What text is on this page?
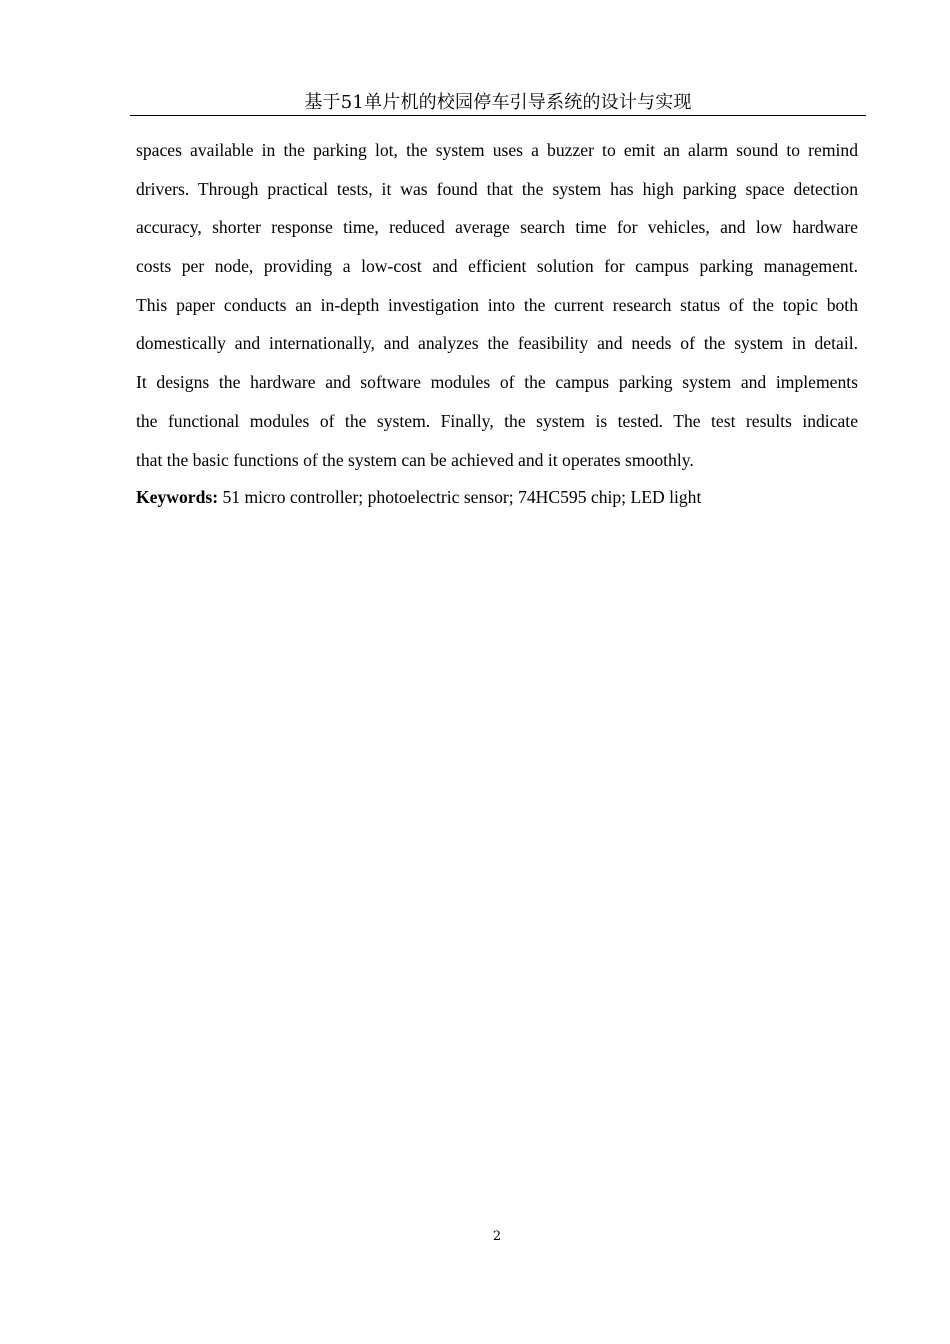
基于51单片机的校园停车引导系统的设计与实现
spaces available in the parking lot, the system uses a buzzer to emit an alarm sound to remind
drivers. Through practical tests, it was found that the system has high parking space detection
accuracy, shorter response time, reduced average search time for vehicles, and low hardware
costs per node, providing a low-cost and efficient solution for campus parking management.
This paper conducts an in-depth investigation into the current research status of the topic both
domestically and internationally, and analyzes the feasibility and needs of the system in detail.
It designs the hardware and software modules of the campus parking system and implements
the functional modules of the system. Finally, the system is tested. The test results indicate
that the basic functions of the system can be achieved and it operates smoothly.
Keywords: 51 micro controller; photoelectric sensor; 74HC595 chip; LED light
2
